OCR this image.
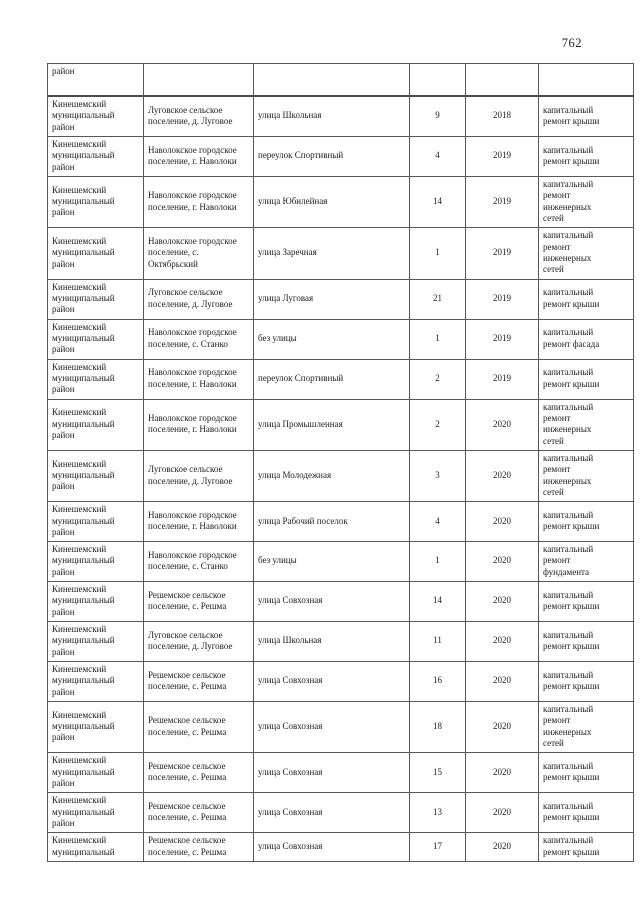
762
район					
Кинешемский муниципальный район	Луговское сельское поселение, д. Луговое	улица Школьная	9	2018	капитальный ремонт крыши

Кинешемский муниципальный район	Наволокское городское поселение, г. Наволоки	переулок Спортивный	4	2019	капитальный ремонт крыши

Кинешемский муниципальный район	Наволокское городское поселение, г. Наволоки	улица Юбилейная	14	2019	капитальный ремонт инженерных сетей

Кинешемский муниципальный район	Наволокское городское поселение, с. Октябрьский	улица Заречная	1	2019	капитальный ремонт инженерных сетей

Кинешемский муниципальный район	Луговское сельское поселение, д. Луговое	улица Луговая	21	2019	капитальный ремонт крыши

Кинешемский муниципальный район	Наволокское городское поселение, с. Станко	без улицы	1	2019	капитальный ремонт фасада

Кинешемский муниципальный район	Наволокское городское поселение, г. Наволоки	переулок Спортивный	2	2019	капитальный ремонт крыши

Кинешемский муниципальный район	Наволокское городское поселение, г. Наволоки	улица Промышленная	2	2020	капитальный ремонт инженерных сетей

Кинешемский муниципальный район	Луговское сельское поселение, д. Луговое	улица Молодежная	3	2020	капитальный ремонт инженерных сетей

Кинешемский муниципальный район	Наволокское городское поселение, г. Наволоки	улица Рабочий поселок	4	2020	капитальный ремонт крыши

Кинешемский муниципальный район	Наволокское городское поселение, с. Станко	без улицы	1	2020	капитальный ремонт фундамента

Кинешемский муниципальный район	Решемское сельское поселение, с. Решма	улица Совхозная	14	2020	капитальный ремонт крыши

Кинешемский муниципальный район	Луговское сельское поселение, д. Луговое	улица Школьная	11	2020	капитальный ремонт крыши

Кинешемский муниципальный район	Решемское сельское поселение, с. Решма	улица Совхозная	16	2020	капитальный ремонт крыши

Кинешемский муниципальный район	Решемское сельское поселение, с. Решма	улица Совхозная	18	2020	капитальный ремонт инженерных сетей

Кинешемский муниципальный район	Решемское сельское поселение, с. Решма	улица Совхозная	15	2020	капитальный ремонт крыши

Кинешемский муниципальный район	Решемское сельское поселение, с. Решма	улица Совхозная	13	2020	капитальный ремонт крыши

Кинешемский муниципальный	Решемское сельское поселение, с. Решма	улица Совхозная	17	2020	капитальный ремонт крыши
